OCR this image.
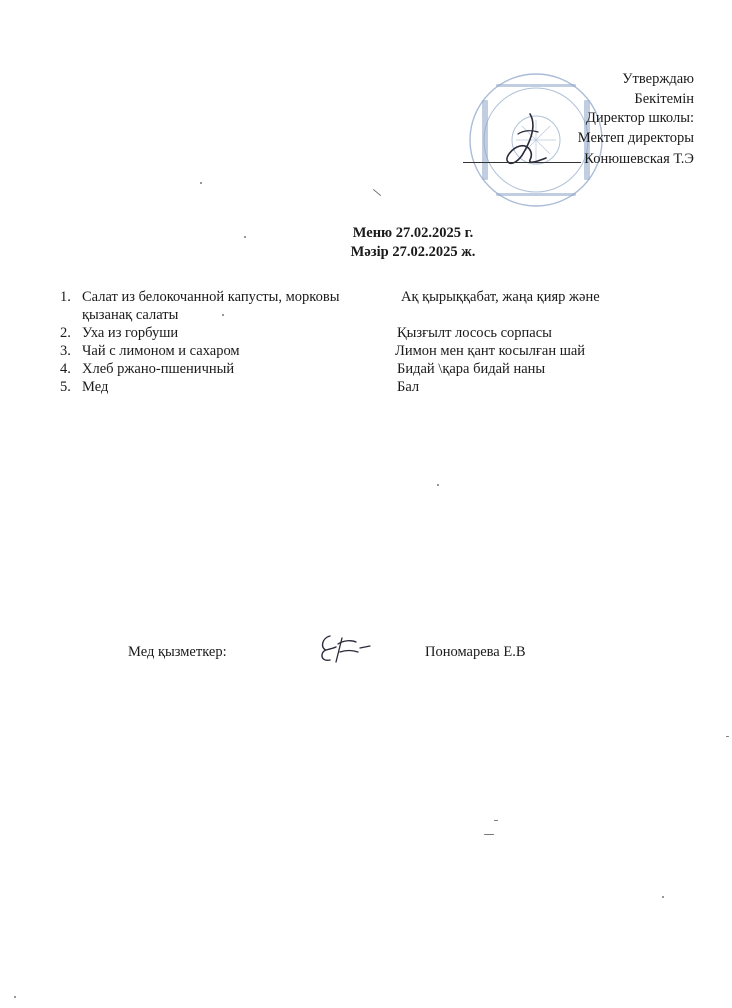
Утверждаю
Бекітемін
Директор школы:
Мектеп директоры
Конюшевская Т.Э
Меню 27.02.2025 г.
Мәзір 27.02.2025 ж.
1. Салат из белокочанной капусты, морковы	Ақ қырыққабат, жаңа қияр және
қызанақ салаты
2. Уха из горбуши	Қызғылт лосось сорпасы
3. Чай с лимоном и сахаром	Лимон мен қант косылған шай
4. Хлеб ржано-пшеничный	Бидай \қара бидай наны
5. Мед	Бал
Мед қызметкер:	Пономарева Е.В
